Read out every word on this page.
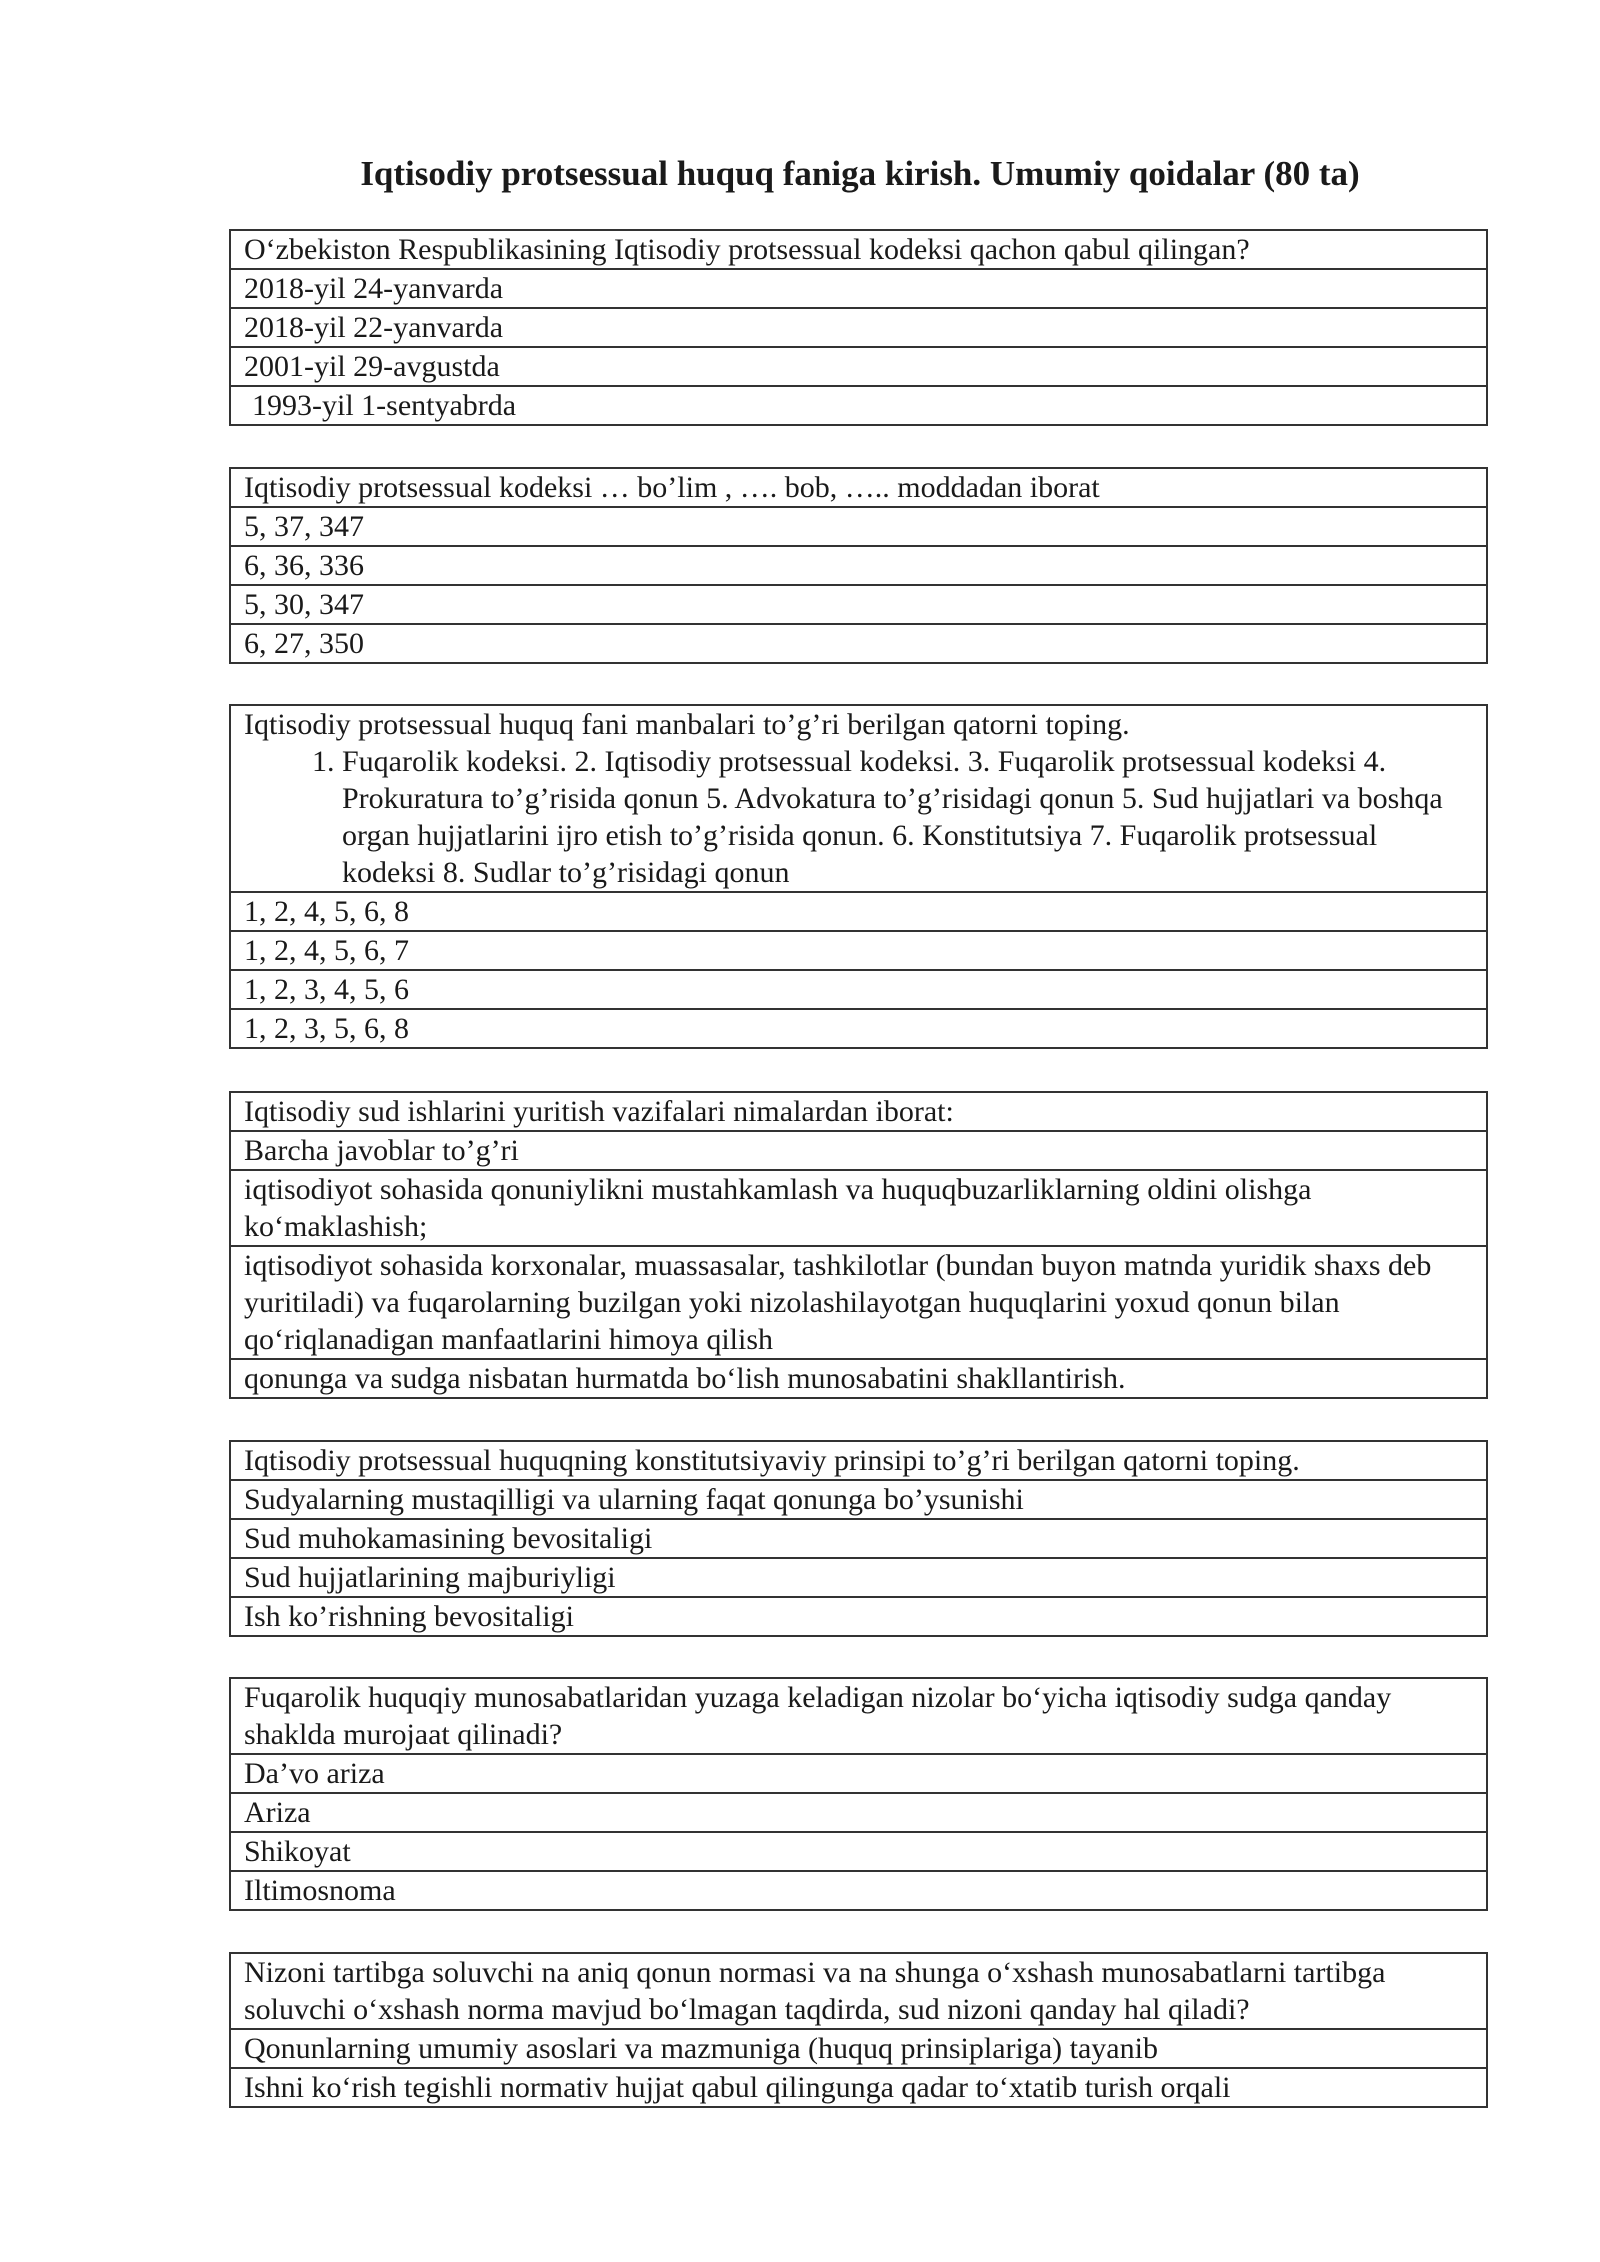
Iqtisodiy protsessual huquq faniga kirish. Umumiy qoidalar (80 ta)
O‘zbekiston Respublikasining Iqtisodiy protsessual kodeksi qachon qabul qilingan?
2018-yil 24-yanvarda
2018-yil 22-yanvarda
2001-yil 29-avgustda
1993-yil 1-sentyabrda
Iqtisodiy protsessual kodeksi … bo’lim , …. bob, ….. moddadan iborat
5, 37, 347
6, 36, 336
5, 30, 347
6, 27, 350
Iqtisodiy protsessual huquq fani manbalari to’g’ri berilgan qatorni toping.
1. Fuqarolik kodeksi. 2. Iqtisodiy protsessual kodeksi. 3. Fuqarolik protsessual kodeksi 4. Prokuratura to’g’risida qonun 5. Advokatura to’g’risidagi qonun 5. Sud hujjatlari va boshqa organ hujjatlarini ijro etish to’g’risida qonun. 6. Konstitutsiya 7. Fuqarolik protsessual kodeksi 8. Sudlar to’g’risidagi qonun

1, 2, 4, 5, 6, 8
1, 2, 4, 5, 6, 7
1, 2, 3, 4, 5, 6
1, 2, 3, 5, 6, 8
Iqtisodiy sud ishlarini yuritish vazifalari nimalardan iborat:
Barcha javoblar to’g’ri
iqtisodiyot sohasida qonuniylikni mustahkamlash va huquqbuzarliklarning oldini olishga ko‘maklashish;
iqtisodiyot sohasida korxonalar, muassasalar, tashkilotlar (bundan buyon matnda yuridik shaxs deb yuritiladi) va fuqarolarning buzilgan yoki nizolashilayotgan huquqlarini yoxud qonun bilan qo‘riqlanadigan manfaatlarini himoya qilish
qonunga va sudga nisbatan hurmatda bo‘lish munosabatini shakllantirish.
Iqtisodiy protsessual huquqning konstitutsiyaviy prinsipi to’g’ri berilgan qatorni toping.
Sudyalarning mustaqilligi va ularning faqat qonunga bo’ysunishi
Sud muhokamasining bevositaligi
Sud hujjatlarining majburiyligi
Ish ko’rishning bevositaligi
Fuqarolik huquqiy munosabatlaridan yuzaga keladigan nizolar bo‘yicha iqtisodiy sudga qanday shaklda murojaat qilinadi?
Da’vo ariza
Ariza
Shikoyat
Iltimosnoma
Nizoni tartibga soluvchi na aniq qonun normasi va na shunga o‘xshash munosabatlarni tartibga soluvchi o‘xshash norma mavjud bo‘lmagan taqdirda, sud nizoni qanday hal qiladi?
Qonunlarning umumiy asoslari va mazmuniga (huquq prinsiplariga) tayanib
Ishni ko‘rish tegishli normativ hujjat qabul qilingunga qadar to‘xtatib turish orqali
